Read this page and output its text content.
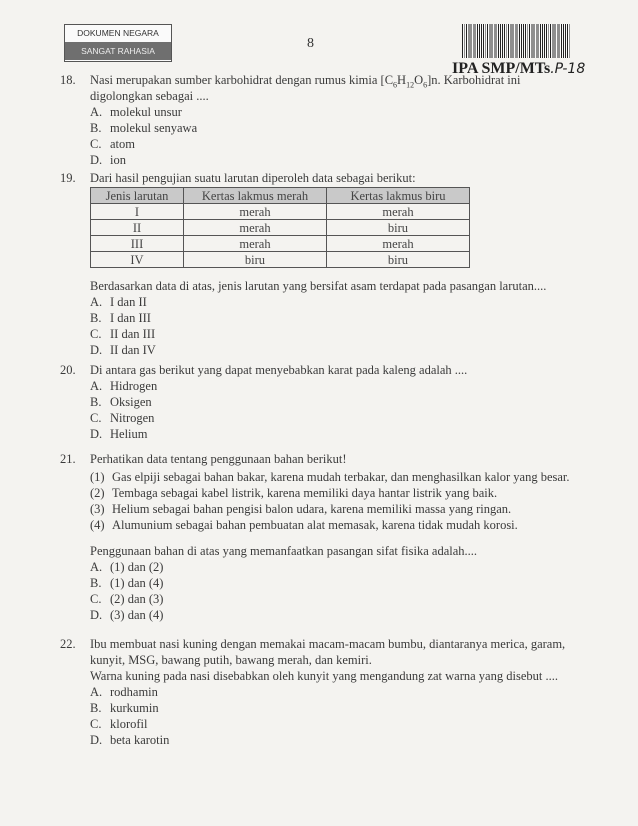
DOKUMEN NEGARA
SANGAT RAHASIA	8
IPA SMP/MTs.P-18
18.	Nasi merupakan sumber karbohidrat dengan rumus kimia $[C_6H_{12}O_6]n$. Karbohidrat ini digolongkan sebagai ....

A. molekul unsur
B. molekul senyawa
C. atom
D. ion
19.	Dari hasil pengujian suatu larutan diperoleh data sebagai berikut:

Jenis larutan	Kertas lakmus merah	Kertas lakmus biru
I	merah	merah
II	merah	biru
III	merah	merah
IV	biru	biru

Berdasarkan data di atas, jenis larutan yang bersifat asam terdapat pada pasangan larutan....

A. I dan II
B. I dan III
C. II dan III
D. II dan IV
20.	Di antara gas berikut yang dapat menyebabkan karat pada kaleng adalah ....

A. Hidrogen
B. Oksigen
C. Nitrogen
D. Helium
21.	Perhatikan data tentang penggunaan bahan berikut!

(1) Gas elpiji sebagai bahan bakar, karena mudah terbakar, dan menghasilkan kalor yang besar.
(2) Tembaga sebagai kabel listrik, karena memiliki daya hantar listrik yang baik.
(3) Helium sebagai bahan pengisi balon udara, karena memiliki massa yang ringan.
(4) Alumunium sebagai bahan pembuatan alat memasak, karena tidak mudah korosi.

Penggunaan bahan di atas yang memanfaatkan pasangan sifat fisika adalah....

A. (1) dan (2)
B. (1) dan (4)
C. (2) dan (3)
D. (3) dan (4)
22.	Ibu membuat nasi kuning dengan memakai macam-macam bumbu, diantaranya merica, garam, kunyit, MSG, bawang putih, bawang merah, dan kemiri.

Warna kuning pada nasi disebabkan oleh kunyit yang mengandung zat warna yang disebut ....

A. rodhamin
B. kurkumin
C. klorofil
D. beta karotin
